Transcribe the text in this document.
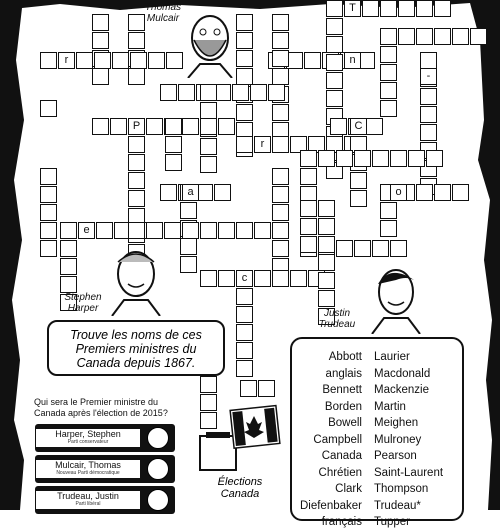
T
r	n
-
P
r
C
a	o
e
c
Thomas
Mulcair
Stephen
Harper	Justin
Trudeau
Trouve les noms de ces Premiers ministres du Canada depuis 1867.
Qui sera le Premier ministre du Canada après l'élection de 2015?
Harper, Stephen
Parti conservateur
Mulcair, Thomas
Nouveau Parti démocratique
Trudeau, Justin
Parti libéral
Élections
Canada
Abbott
anglais
Bennett
Borden
Bowell
Campbell
Canada
Chrétien
Clark
Diefenbaker
français
Laurier
Macdonald
Mackenzie
Martin
Meighen
Mulroney
Pearson
Saint-Laurent
Thompson
Trudeau*
Tupper
